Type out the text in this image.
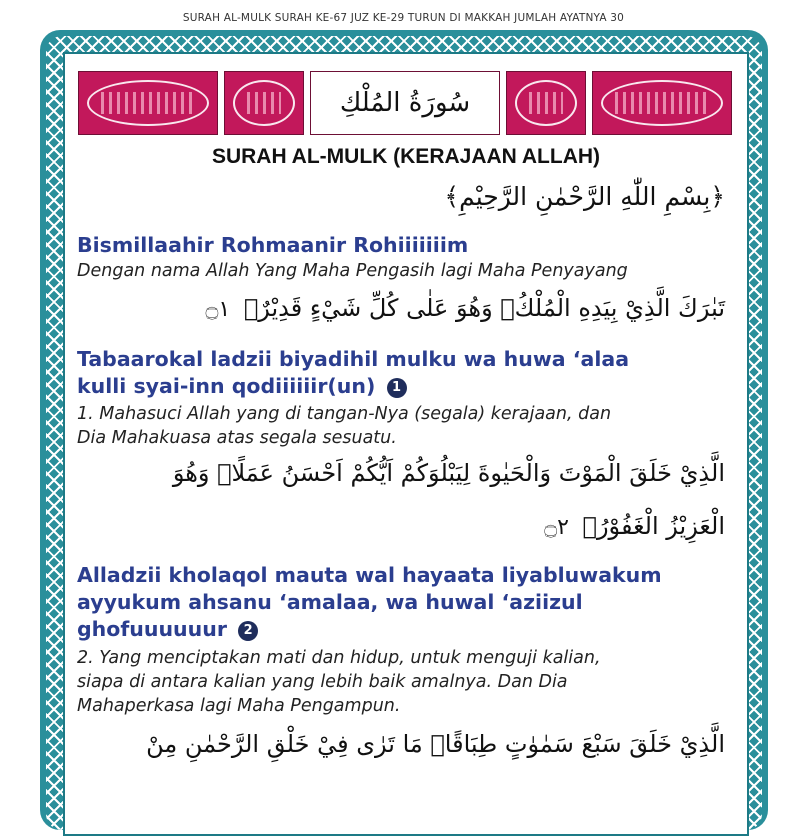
SURAH AL-MULK SURAH KE-67 JUZ KE-29 TURUN DI MAKKAH JUMLAH AYATNYA 30
سُورَةُ المُلْكِ
SURAH AL-MULK (KERAJAAN ALLAH)
﴿بِسْمِ اللّٰهِ الرَّحْمٰنِ الرَّحِيْمِ﴾
Bismillaahir Rohmaanir Rohiiiiiiim
Dengan nama Allah Yang Maha Pengasih lagi Maha Penyayang
تَبٰرَكَ الَّذِيْ بِيَدِهِ الْمُلْكُۖ وَهُوَ عَلٰى كُلِّ شَيْءٍ قَدِيْرٌۙ ۝١
Tabaarokal ladzii biyadihil mulku wa huwa ‘alaa
kulli syai-inn qodiiiiiir(un) 1
1. Mahasuci Allah yang di tangan-Nya (segala) kerajaan, dan
Dia Mahakuasa atas segala sesuatu.
الَّذِيْ خَلَقَ الْمَوْتَ وَالْحَيٰوةَ لِيَبْلُوَكُمْ اَيُّكُمْ اَحْسَنُ عَمَلًاۗ وَهُوَ
الْعَزِيْزُ الْغَفُوْرُۙ ۝٢
Alladzii kholaqol mauta wal hayaata liyabluwakum
ayyukum ahsanu ‘amalaa, wa huwal ‘aziizul
ghofuuuuuur 2
2. Yang menciptakan mati dan hidup, untuk menguji kalian,
siapa di antara kalian yang lebih baik amalnya. Dan Dia
Mahaperkasa lagi Maha Pengampun.
الَّذِيْ خَلَقَ سَبْعَ سَمٰوٰتٍ طِبَاقًاۗ مَا تَرٰى فِيْ خَلْقِ الرَّحْمٰنِ مِنْ
